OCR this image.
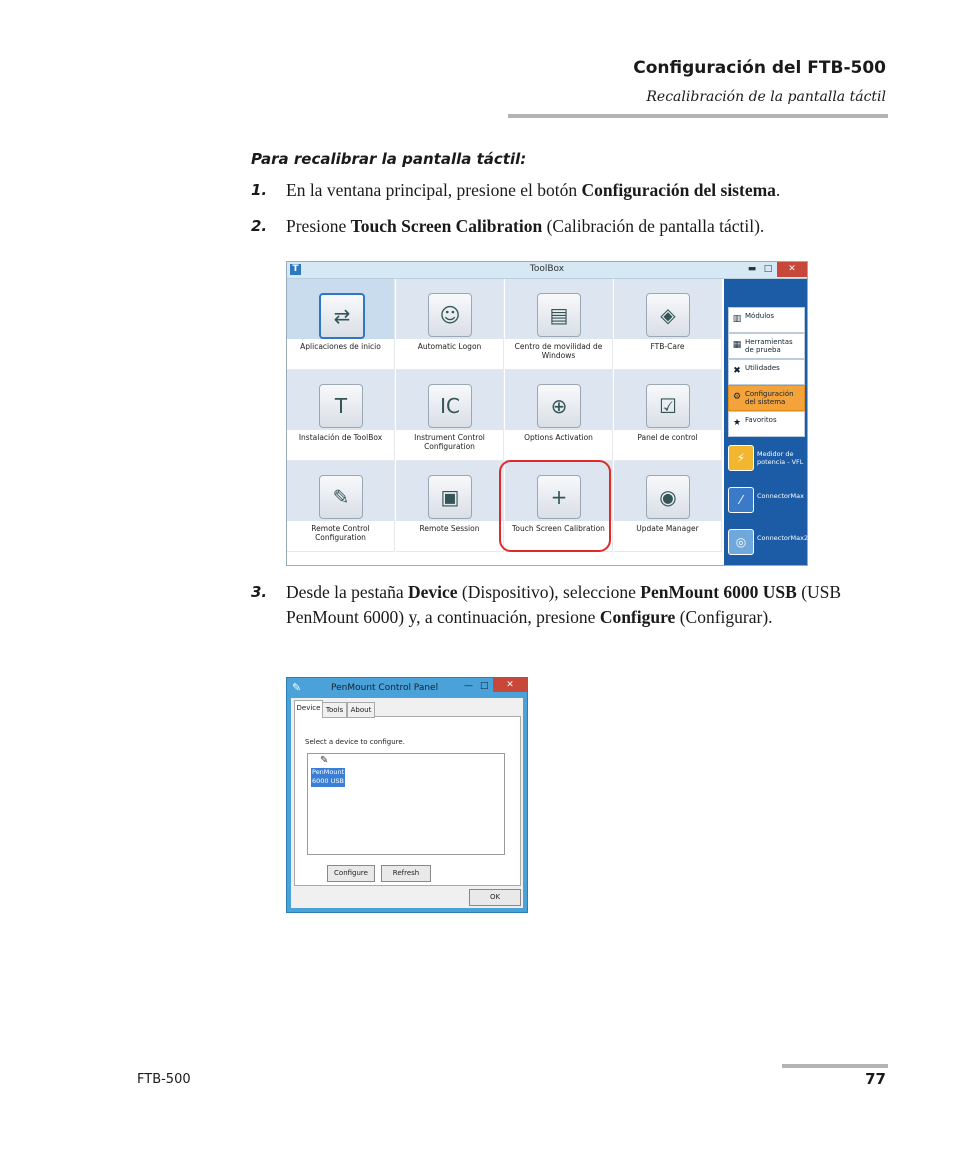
Configuración del FTB-500
Recalibración de la pantalla táctil
Para recalibrar la pantalla táctil:
1. En la ventana principal, presione el botón Configuración del sistema.
2. Presione Touch Screen Calibration (Calibración de pantalla táctil).
T	ToolBox	▬ □	✕
⇄
Aplicaciones de inicio
☺
Automatic Logon
▤
Centro de movilidad de Windows
◈
FTB-Care
T
Instalación de ToolBox
IC
Instrument Control Configuration
⊕
Options Activation
☑
Panel de control
✎
Remote Control Configuration
▣
Remote Session
+
Touch Screen Calibration
◉
Update Manager
▥ Módulos
▦ Herramientas de prueba
✖ Utilidades
⚙ Configuración del sistema
★ Favoritos
⚡	Medidor de potencia - VFL
⁄	ConnectorMax
◎	ConnectorMax2
3. Desde la pestaña Device (Dispositivo), seleccione PenMount 6000 USB (USB PenMount 6000) y, a continuación, presione Configure (Configurar).
✎	PenMount Control Panel	— □	✕
Device Tools	About
Select a device to configure.
✎
PenMount 6000 USB
Configure	Refresh
OK
FTB-500	77
